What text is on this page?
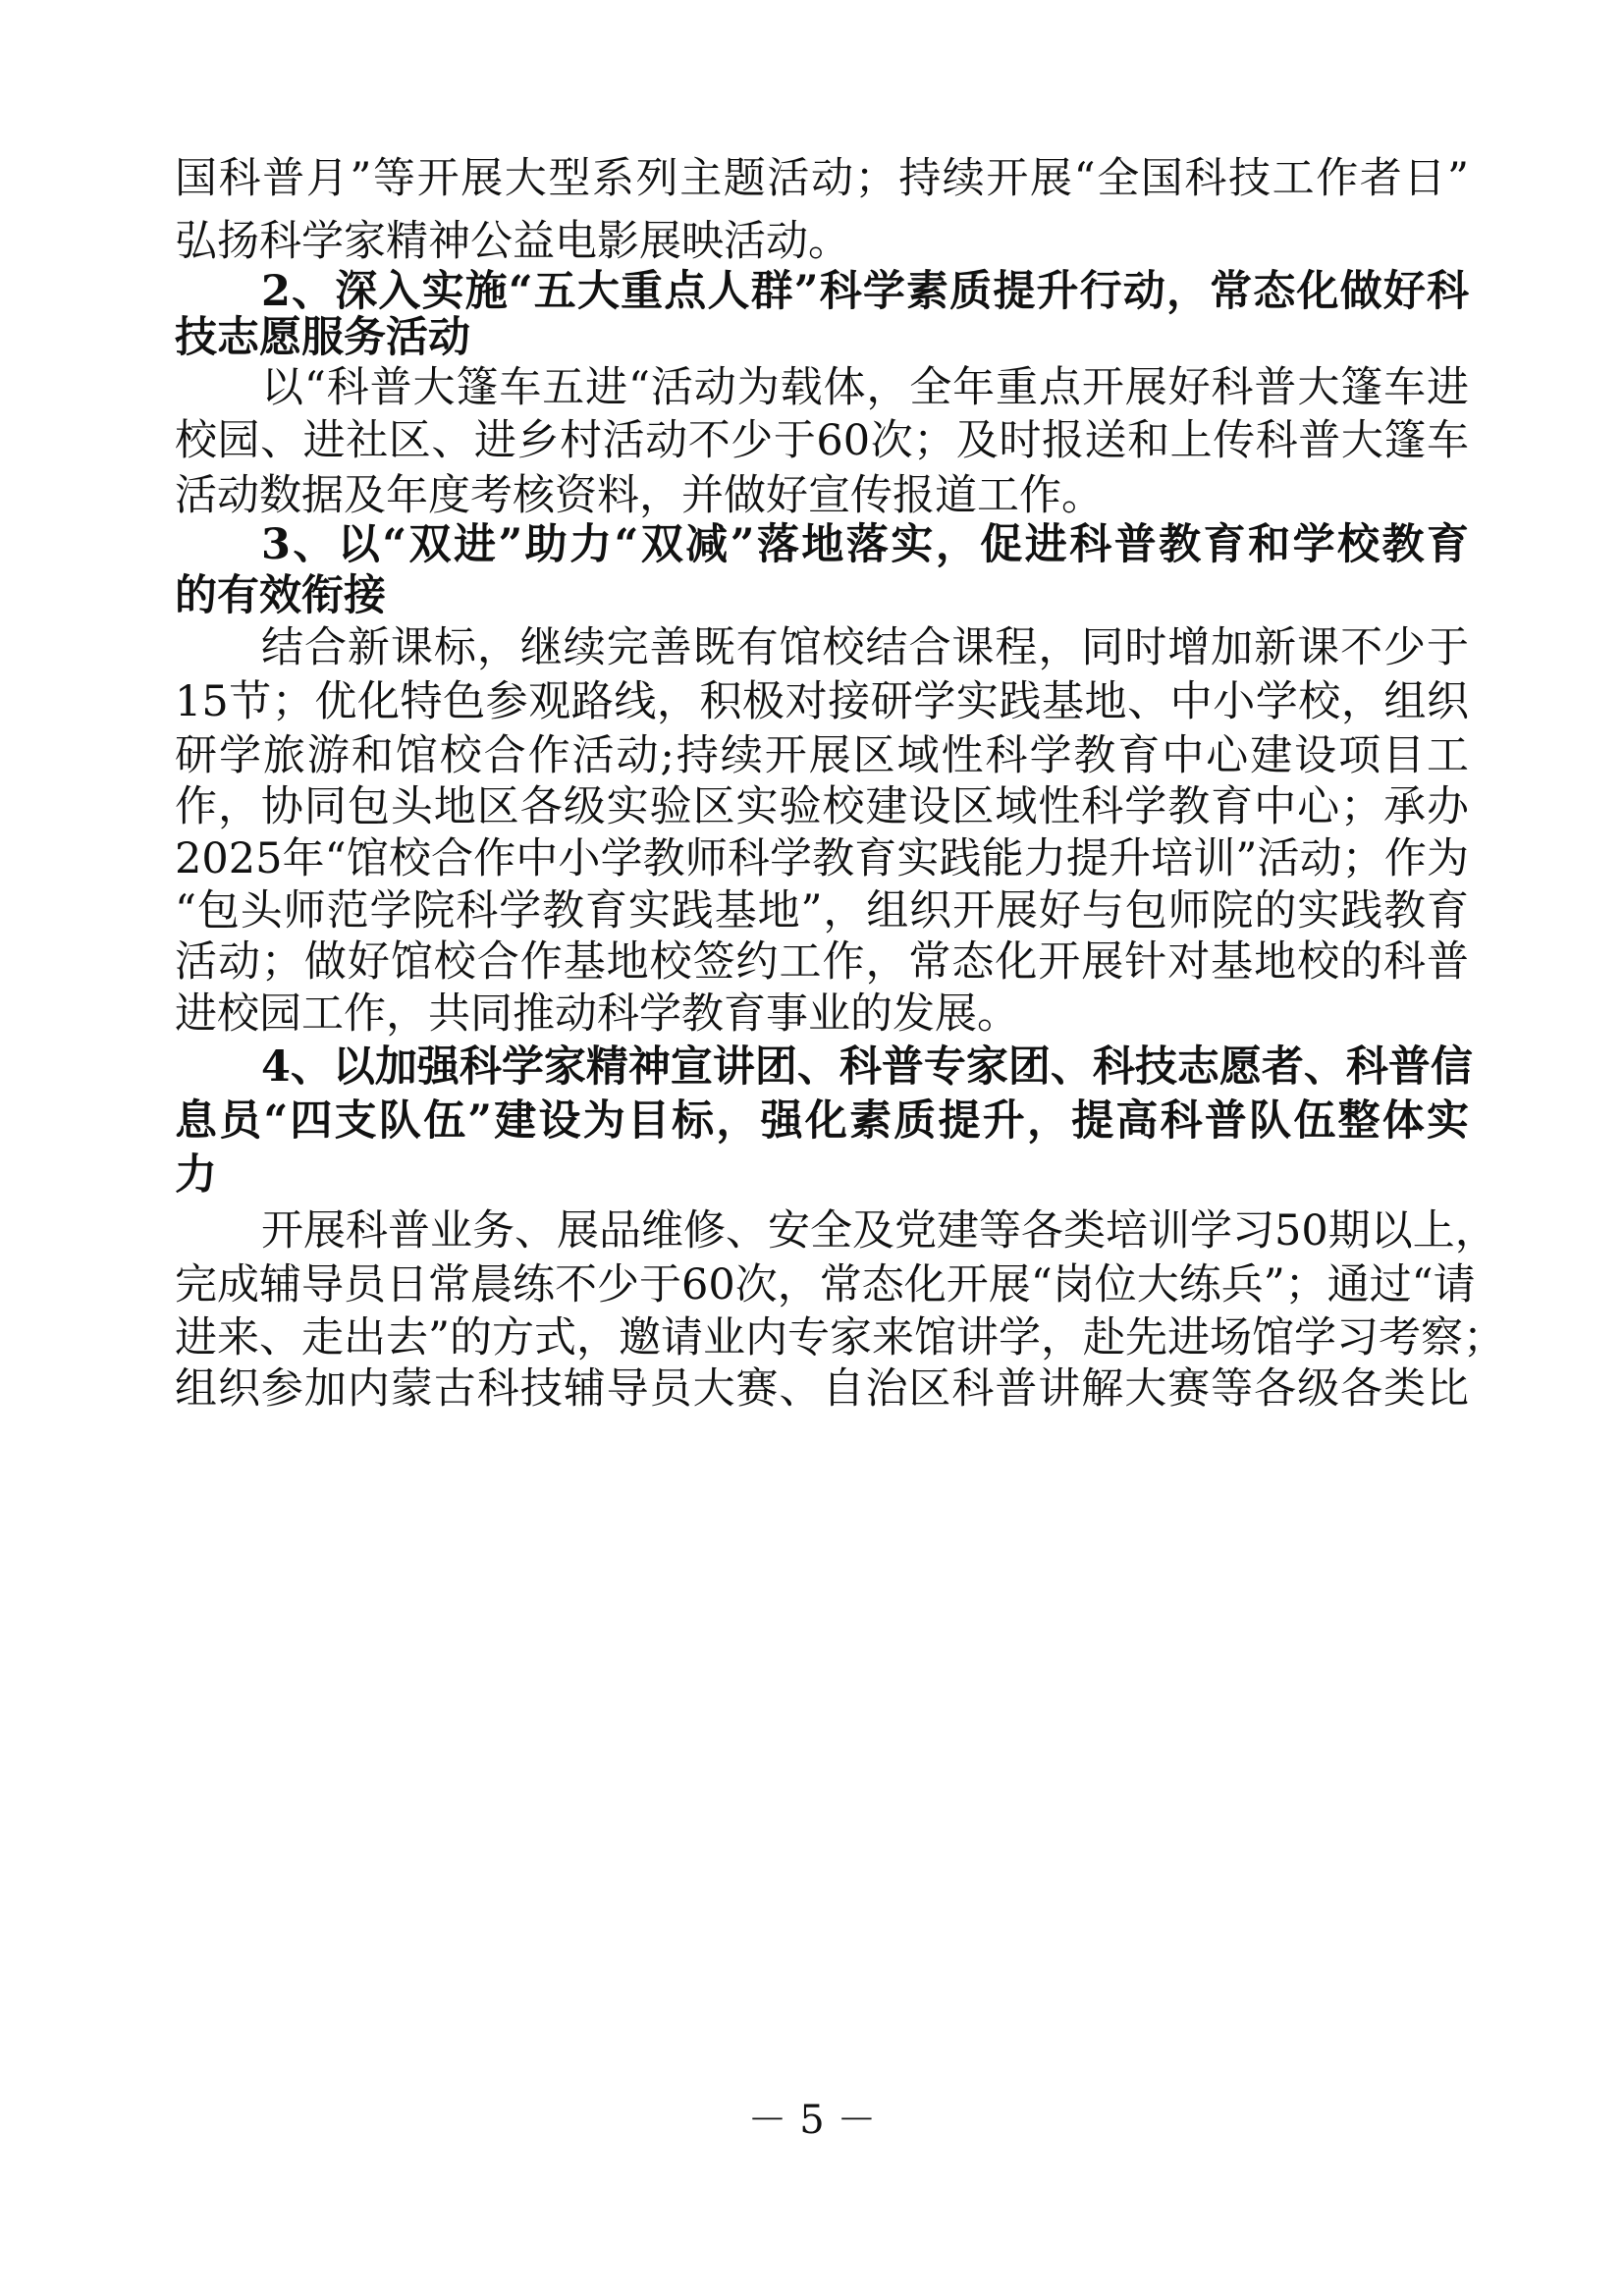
国科普月”等开展大型系列主题活动；持续开展“全国科技工作者日”

弘扬科学家精神公益电影展映活动。

2、深入实施“五大重点人群”科学素质提升行动，常态化做好科

技志愿服务活动

以“科普大篷车五进“活动为载体，全年重点开展好科普大篷车进

校园、进社区、进乡村活动不少于60次；及时报送和上传科普大篷车

活动数据及年度考核资料，并做好宣传报道工作。

3、以“双进”助力“双减”落地落实，促进科普教育和学校教育

的有效衔接

结合新课标，继续完善既有馆校结合课程，同时增加新课不少于

15节；优化特色参观路线，积极对接研学实践基地、中小学校，组织

研学旅游和馆校合作活动;持续开展区域性科学教育中心建设项目工

作，协同包头地区各级实验区实验校建设区域性科学教育中心；承办

2025年“馆校合作中小学教师科学教育实践能力提升培训”活动；作为

“包头师范学院科学教育实践基地”，组织开展好与包师院的实践教育

活动；做好馆校合作基地校签约工作，常态化开展针对基地校的科普

进校园工作，共同推动科学教育事业的发展。

4、以加强科学家精神宣讲团、科普专家团、科技志愿者、科普信

息员“四支队伍”建设为目标，强化素质提升，提高科普队伍整体实

力

开展科普业务、展品维修、安全及党建等各类培训学习50期以上，

完成辅导员日常晨练不少于60次，常态化开展“岗位大练兵”；通过“请

进来、走出去”的方式，邀请业内专家来馆讲学，赴先进场馆学习考察；

组织参加内蒙古科技辅导员大赛、自治区科普讲解大赛等各级各类比

－ 5 －
